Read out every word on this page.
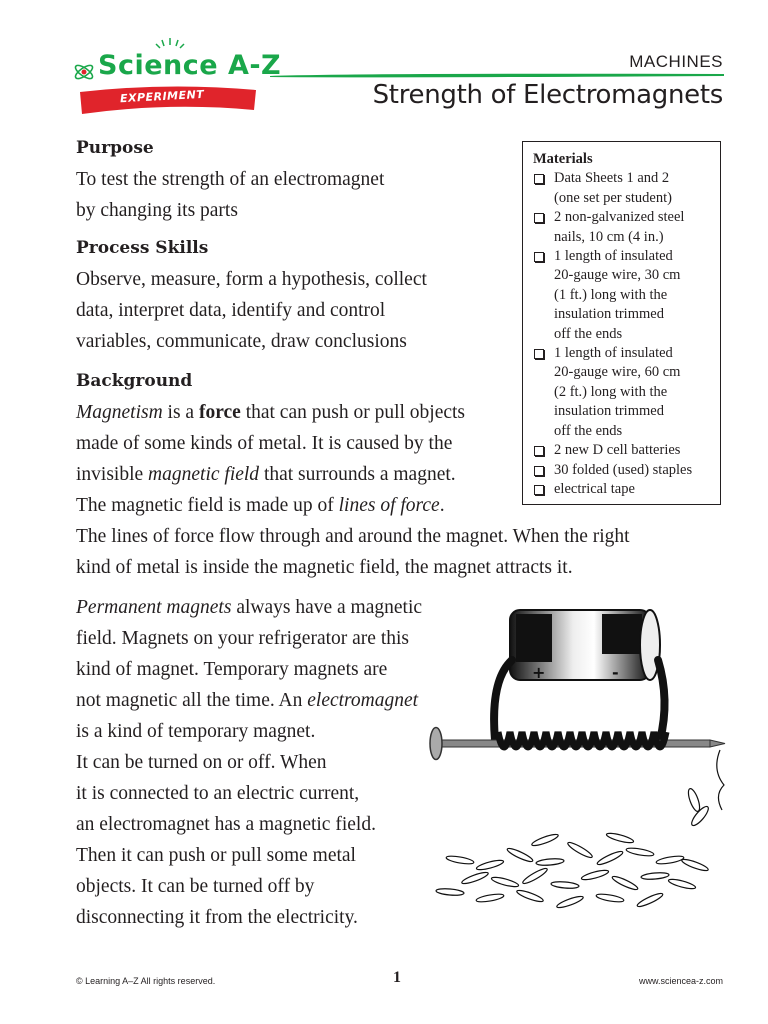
Science A-Z
EXPERIMENT
MACHINES
Strength of Electromagnets
Purpose
To test the strength of an electromagnet
by changing its parts
Process Skills
Observe, measure, form a hypothesis, collect
data, interpret data, identify and control
variables, communicate, draw conclusions
Background
Magnetism is a force that can push or pull objects
made of some kinds of metal. It is caused by the
invisible magnetic field that surrounds a magnet.
The magnetic field is made up of lines of force.
The lines of force flow through and around the magnet. When the right
kind of metal is inside the magnetic field, the magnet attracts it.
Permanent magnets always have a magnetic
field. Magnets on your refrigerator are this
kind of magnet. Temporary magnets are
not magnetic all the time. An electromagnet
is a kind of temporary magnet.
It can be turned on or off. When
it is connected to an electric current,
an electromagnet has a magnetic field.
Then it can push or pull some metal
objects. It can be turned off by
disconnecting it from the electricity.
Materials
Data Sheets 1 and 2
(one set per student)
2 non-galvanized steel
nails, 10 cm (4 in.)
1 length of insulated
20-gauge wire, 30 cm
(1 ft.) long with the
insulation trimmed
off the ends
1 length of insulated
20-gauge wire, 60 cm
(2 ft.) long with the
insulation trimmed
off the ends
2 new D cell batteries
30 folded (used) staples
electrical tape
+	-
© Learning A–Z All rights reserved.	1	www.sciencea-z.com
